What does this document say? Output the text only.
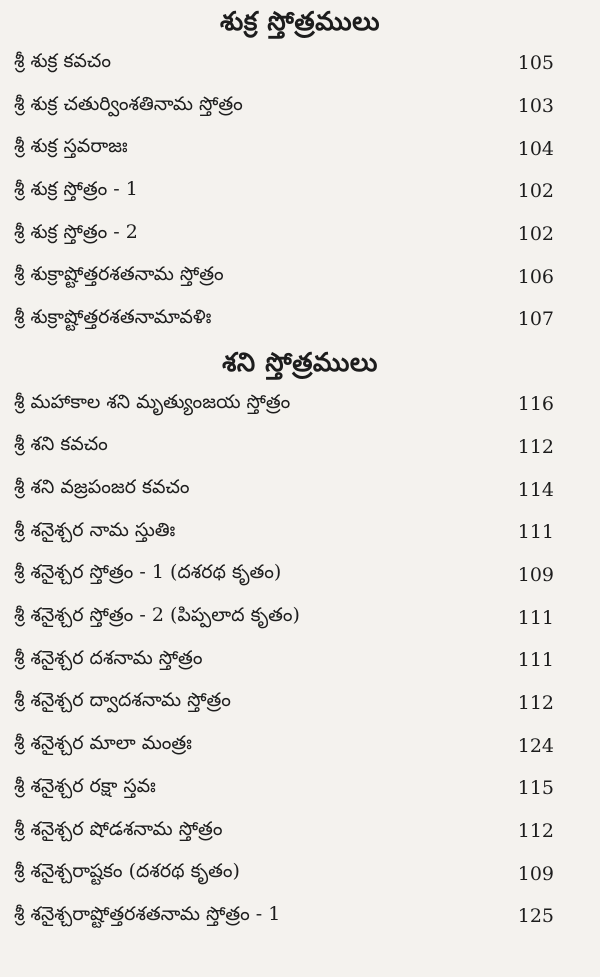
శుక్ర స్తోత్రములు
శ్రీ శుక్ర కవచం	105
శ్రీ శుక్ర చతుర్వింశతినామ స్తోత్రం	103
శ్రీ శుక్ర స్తవరాజః	104
శ్రీ శుక్ర స్తోత్రం - 1	102
శ్రీ శుక్ర స్తోత్రం - 2	102
శ్రీ శుక్రాష్టోత్తరశతనామ స్తోత్రం	106
శ్రీ శుక్రాష్టోత్తరశతనామావళిః	107
శని స్తోత్రములు
శ్రీ మహాకాల శని మృత్యుంజయ స్తోత్రం	116
శ్రీ శని కవచం	112
శ్రీ శని వజ్రపంజర కవచం	114
శ్రీ శనైశ్చర నామ స్తుతిః	111
శ్రీ శనైశ్చర స్తోత్రం - 1 (దశరథ కృతం)	109
శ్రీ శనైశ్చర స్తోత్రం - 2 (పిప్పలాద కృతం)	111
శ్రీ శనైశ్చర దశనామ స్తోత్రం	111
శ్రీ శనైశ్చర ద్వాదశనామ స్తోత్రం	112
శ్రీ శనైశ్చర మాలా మంత్రః	124
శ్రీ శనైశ్చర రక్షా స్తవః	115
శ్రీ శనైశ్చర షోడశనామ స్తోత్రం	112
శ్రీ శనైశ్చరాష్టకం (దశరథ కృతం)	109
శ్రీ శనైశ్చరాష్టోత్తరశతనామ స్తోత్రం - 1	125
